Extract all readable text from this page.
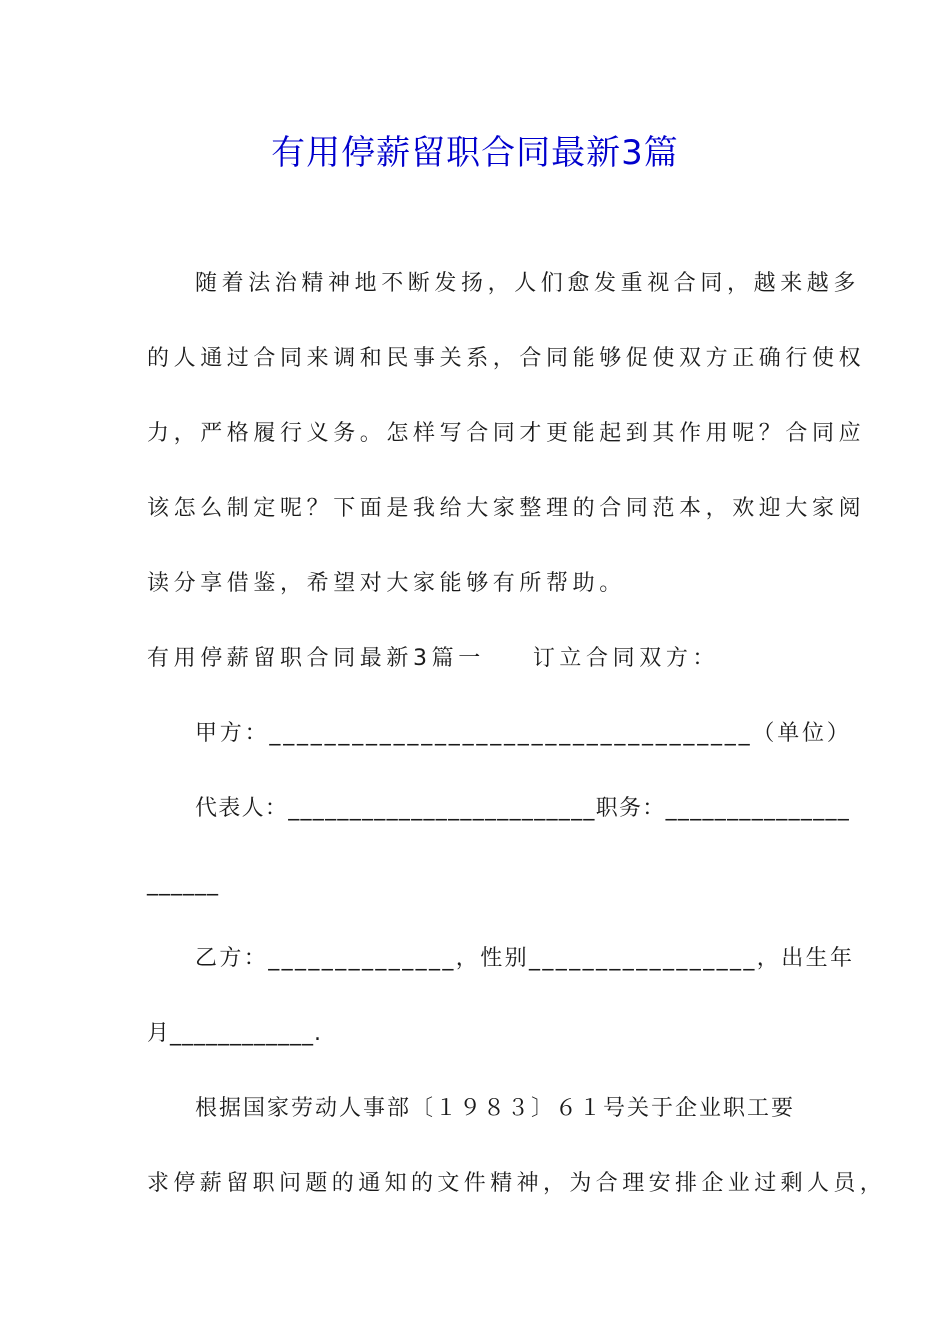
有用停薪留职合同最新3篇
随着法治精神地不断发扬，人们愈发重视合同，越来越多
的人通过合同来调和民事关系，合同能够促使双方正确行使权
力，严格履行义务。怎样写合同才更能起到其作用呢？合同应
该怎么制定呢？下面是我给大家整理的合同范本，欢迎大家阅
读分享借鉴，希望对大家能够有所帮助。
有用停薪留职合同最新3篇一 订立合同双方：
甲方：___________________________________（单位）
代表人：_________________________职务：_______________
______
乙方：______________，性别_________________，出生年
月____________.
根据国家劳动人事部〔１９８３〕６１号关于企业职工要
求停薪留职问题的通知的文件精神，为合理安排企业过剩人员，
